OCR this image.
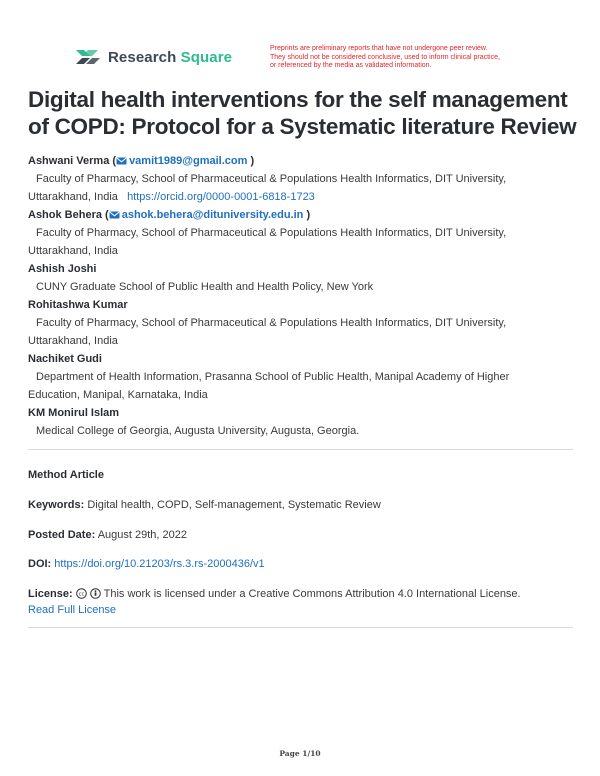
Research Square	Preprints are preliminary reports that have not undergone peer review.
They should not be considered conclusive, used to inform clinical practice,
or referenced by the media as validated information.
Digital health interventions for the self management of COPD: Protocol for a Systematic literature Review
Ashwani Verma ( vamit1989@gmail.com )
Faculty of Pharmacy, School of Pharmaceutical & Populations Health Informatics, DIT University,
Uttarakhand, India https://orcid.org/0000-0001-6818-1723
Ashok Behera ( ashok.behera@dituniversity.edu.in )
Faculty of Pharmacy, School of Pharmaceutical & Populations Health Informatics, DIT University,
Uttarakhand, India
Ashish Joshi
CUNY Graduate School of Public Health and Health Policy, New York
Rohitashwa Kumar
Faculty of Pharmacy, School of Pharmaceutical & Populations Health Informatics, DIT University,
Uttarakhand, India
Nachiket Gudi
Department of Health Information, Prasanna School of Public Health, Manipal Academy of Higher
Education, Manipal, Karnataka, India
KM Monirul Islam
Medical College of Georgia, Augusta University, Augusta, Georgia.
Method Article
Keywords: Digital health, COPD, Self-management, Systematic Review
Posted Date: August 29th, 2022
DOI: https://doi.org/10.21203/rs.3.rs-2000436/v1
License: cc This work is licensed under a Creative Commons Attribution 4.0 International License.
Read Full License
Page 1/10
